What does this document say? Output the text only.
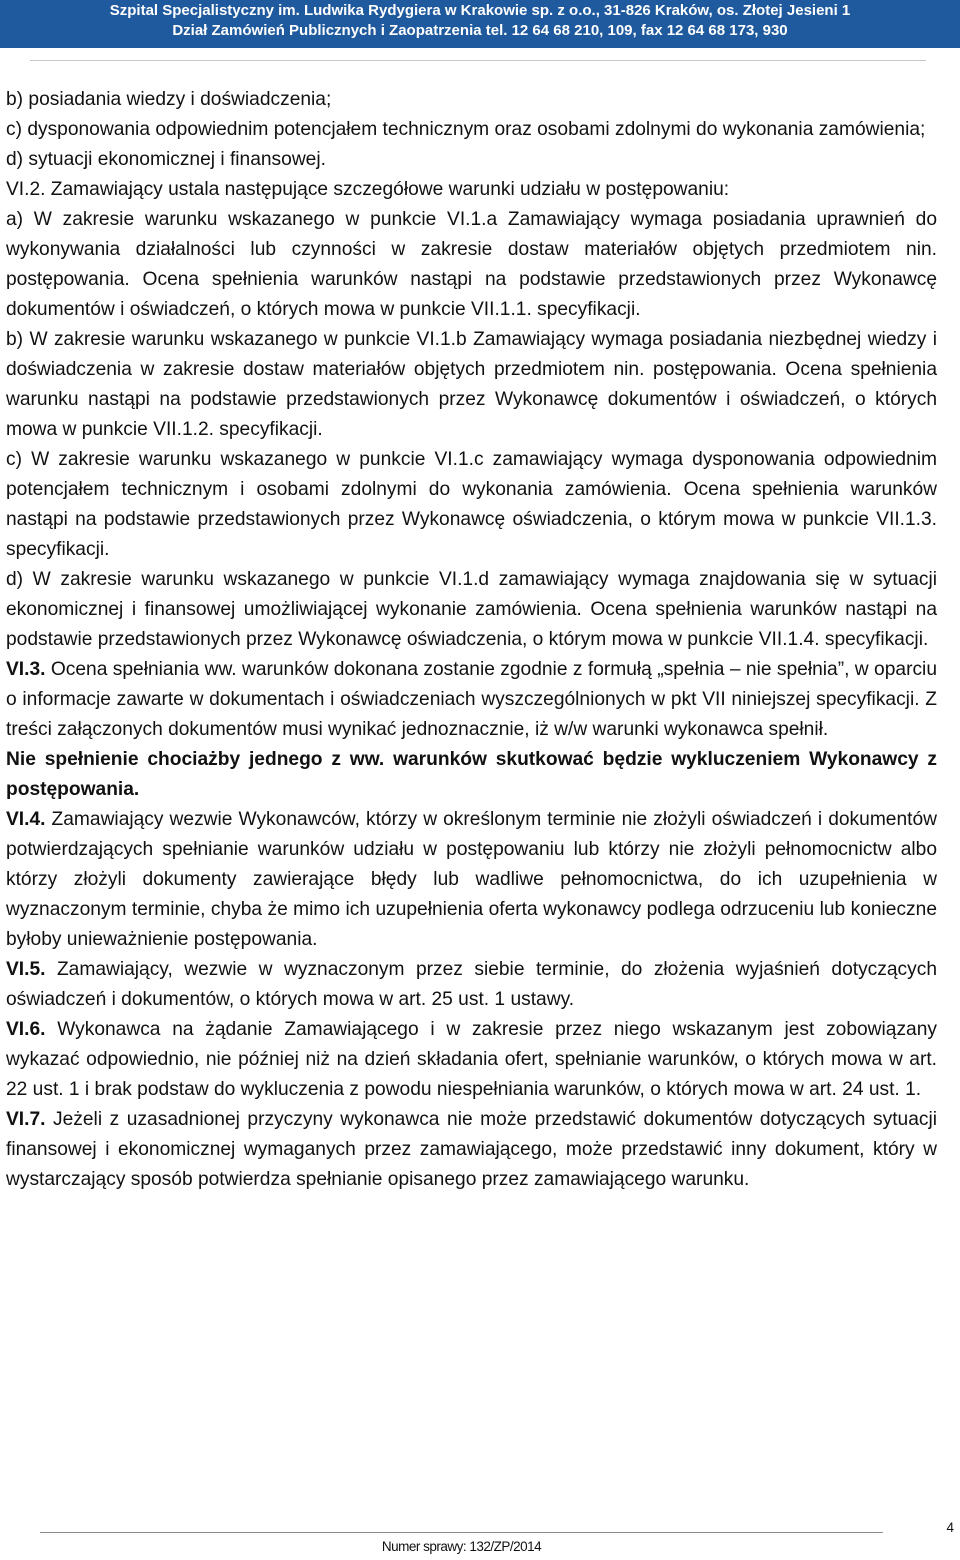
Szpital Specjalistyczny im. Ludwika Rydygiera w Krakowie sp. z o.o., 31-826 Kraków, os. Złotej Jesieni 1
Dział Zamówień Publicznych i Zaopatrzenia tel. 12 64 68 210, 109, fax 12 64 68 173, 930

b) posiadania wiedzy i doświadczenia;

c) dysponowania odpowiednim potencjałem technicznym oraz osobami zdolnymi do wykonania zamówienia;

d) sytuacji ekonomicznej i finansowej.

VI.2. Zamawiający ustala następujące szczegółowe warunki udziału w postępowaniu:

a) W zakresie warunku wskazanego w punkcie VI.1.a Zamawiający wymaga posiadania uprawnień do wykonywania działalności lub czynności w zakresie dostaw materiałów objętych przedmiotem nin. postępowania. Ocena spełnienia warunków nastąpi na podstawie przedstawionych przez Wykonawcę dokumentów i oświadczeń, o których mowa w punkcie VII.1.1. specyfikacji.

b) W zakresie warunku wskazanego w punkcie VI.1.b Zamawiający wymaga posiadania niezbędnej wiedzy i doświadczenia w zakresie dostaw materiałów objętych przedmiotem nin. postępowania. Ocena spełnienia warunku nastąpi na podstawie przedstawionych przez Wykonawcę dokumentów i oświadczeń, o których mowa w punkcie VII.1.2. specyfikacji.

c) W zakresie warunku wskazanego w punkcie VI.1.c zamawiający wymaga dysponowania odpowiednim potencjałem technicznym i osobami zdolnymi do wykonania zamówienia. Ocena spełnienia warunków nastąpi na podstawie przedstawionych przez Wykonawcę oświadczenia, o którym mowa w punkcie VII.1.3. specyfikacji.

d) W zakresie warunku wskazanego w punkcie VI.1.d zamawiający wymaga znajdowania się w sytuacji ekonomicznej i finansowej umożliwiającej wykonanie zamówienia. Ocena spełnienia warunków nastąpi na podstawie przedstawionych przez Wykonawcę oświadczenia, o którym mowa w punkcie VII.1.4. specyfikacji.

VI.3. Ocena spełniania ww. warunków dokonana zostanie zgodnie z formułą „spełnia – nie spełnia”, w oparciu o informacje zawarte w dokumentach i oświadczeniach wyszczególnionych w pkt VII niniejszej specyfikacji. Z treści załączonych dokumentów musi wynikać jednoznacznie, iż w/w warunki wykonawca spełnił.

Nie spełnienie chociażby jednego z ww. warunków skutkować będzie wykluczeniem Wykonawcy z postępowania.

VI.4. Zamawiający wezwie Wykonawców, którzy w określonym terminie nie złożyli oświadczeń i dokumentów potwierdzających spełnianie warunków udziału w postępowaniu lub którzy nie złożyli pełnomocnictw albo którzy złożyli dokumenty zawierające błędy lub wadliwe pełnomocnictwa, do ich uzupełnienia w wyznaczonym terminie, chyba że mimo ich uzupełnienia oferta wykonawcy podlega odrzuceniu lub konieczne byłoby unieważnienie postępowania.

VI.5. Zamawiający, wezwie w wyznaczonym przez siebie terminie, do złożenia wyjaśnień dotyczących oświadczeń i dokumentów, o których mowa w art. 25 ust. 1 ustawy.

VI.6. Wykonawca na żądanie Zamawiającego i w zakresie przez niego wskazanym jest zobowiązany wykazać odpowiednio, nie później niż na dzień składania ofert, spełnianie warunków, o których mowa w art. 22 ust. 1 i brak podstaw do wykluczenia z powodu niespełniania warunków, o których mowa w art. 24 ust. 1.

VI.7. Jeżeli z uzasadnionej przyczyny wykonawca nie może przedstawić dokumentów dotyczących sytuacji finansowej i ekonomicznej wymaganych przez zamawiającego, może przedstawić inny dokument, który w wystarczający sposób potwierdza spełnianie opisanego przez zamawiającego warunku.

Numer sprawy: 132/ZP/2014
4
